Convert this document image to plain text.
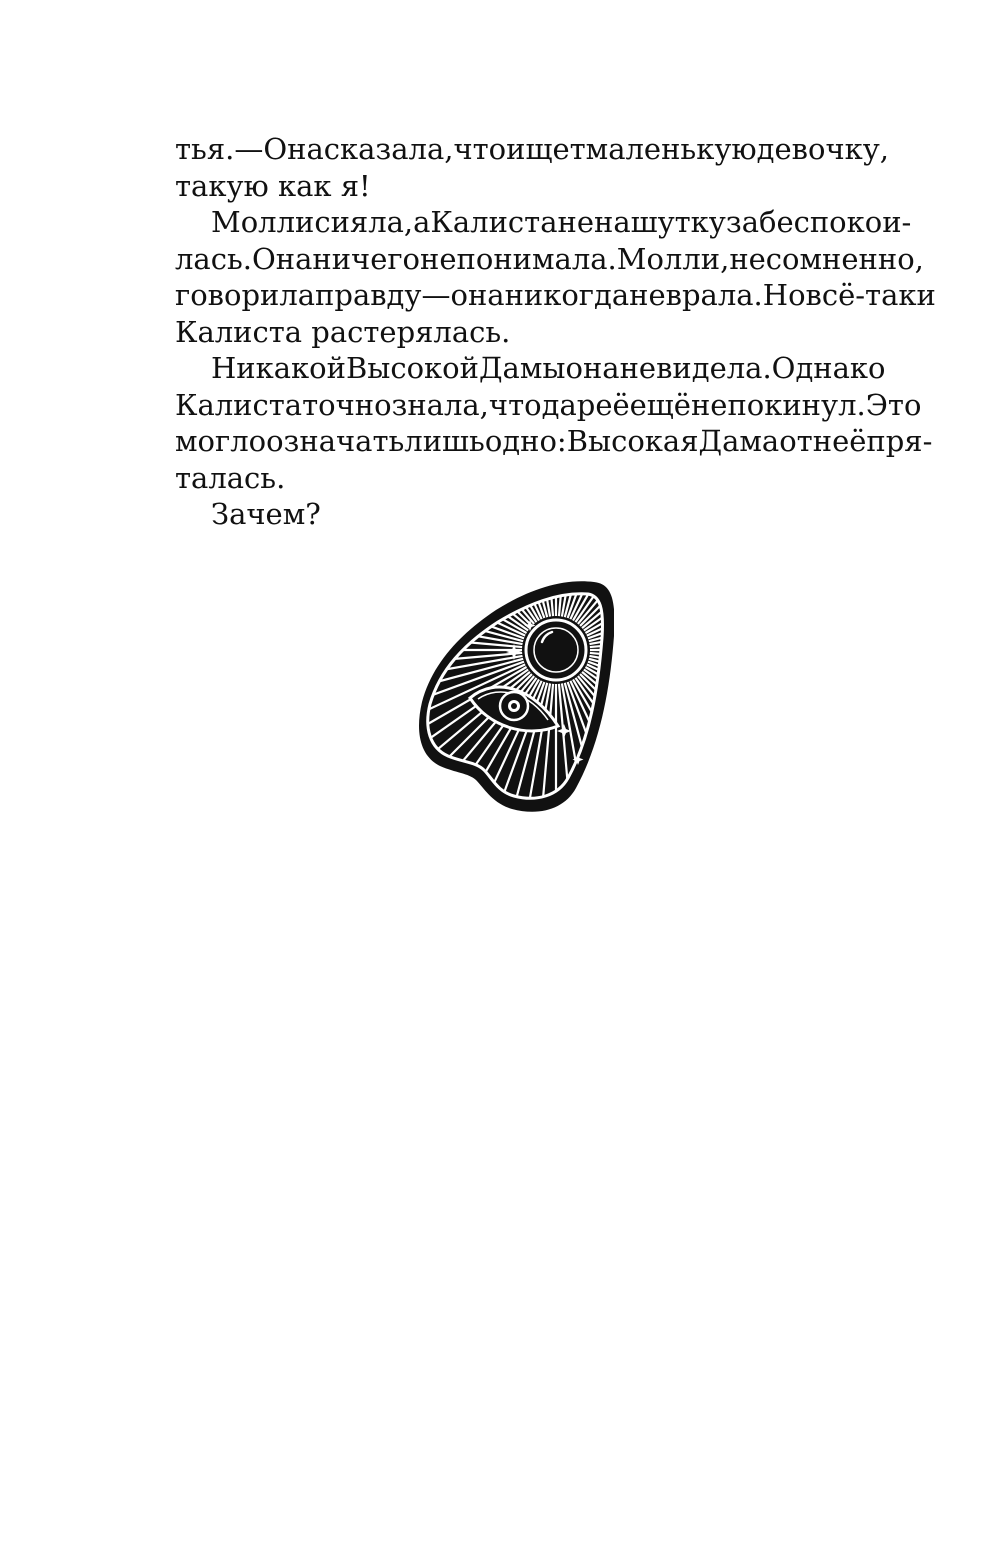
тья. — Она сказала, что ищет маленькую девочку,
такую как я!
Молли сияла, а Калиста не на шутку забеспокои-
лась. Она ничего не понимала. Молли, несомненно,
говорила правду — она никогда не врала. Но всё-таки
Калиста растерялась.
Никакой Высокой Дамы она не видела. Однако
Калиста точно знала, что дар её ещё не покинул. Это
могло означать лишь одно: Высокая Дама от неё пря-
талась.
Зачем?
